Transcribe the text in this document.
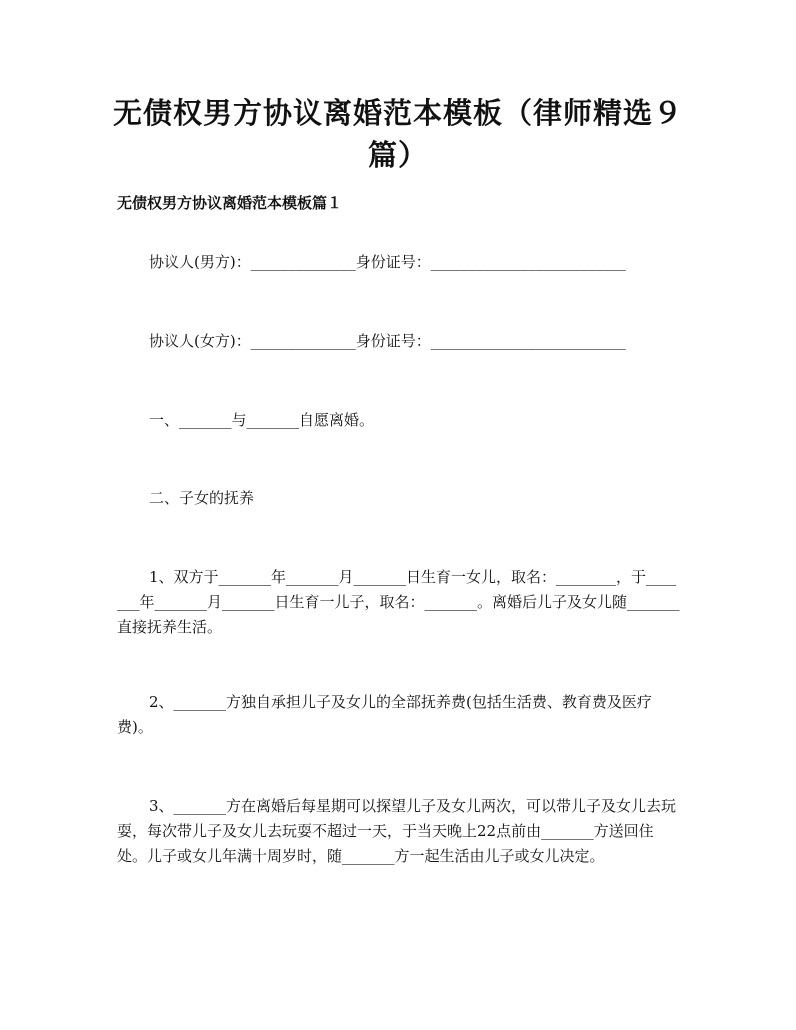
无债权男方协议离婚范本模板（律师精选９篇）
无债权男方协议离婚范本模板篇１

协议人(男方)：______________身份证号：__________________________

协议人(女方)：______________身份证号：__________________________

一、_______与_______自愿离婚。

二、子女的抚养

1、双方于_______年_______月_______日生育一女儿，取名：________，于_______年_______月_______日生育一儿子，取名：_______。离婚后儿子及女儿随_______直接抚养生活。

2、_______方独自承担儿子及女儿的全部抚养费(包括生活费、教育费及医疗费)。

3、_______方在离婚后每星期可以探望儿子及女儿两次，可以带儿子及女儿去玩耍，每次带儿子及女儿去玩耍不超过一天，于当天晚上22点前由_______方送回住处。儿子或女儿年满十周岁时，随_______方一起生活由儿子或女儿决定。
